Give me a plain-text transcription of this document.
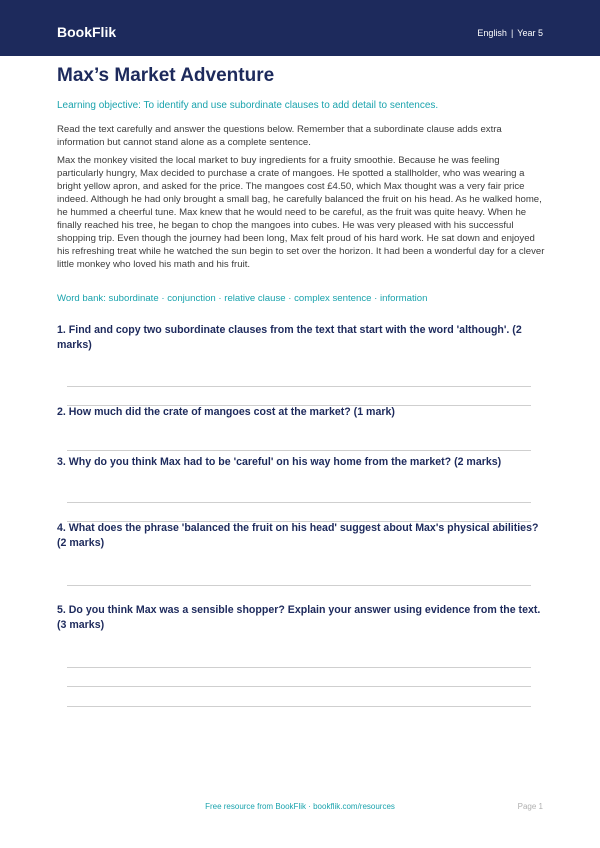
BookFlik	English | Year 5
Max’s Market Adventure
Learning objective: To identify and use subordinate clauses to add detail to sentences.

Read the text carefully and answer the questions below. Remember that a subordinate clause adds extra information but cannot stand alone as a complete sentence.

Max the monkey visited the local market to buy ingredients for a fruity smoothie. Because he was feeling particularly hungry, Max decided to purchase a crate of mangoes. He spotted a stallholder, who was wearing a bright yellow apron, and asked for the price. The mangoes cost £4.50, which Max thought was a very fair price indeed. Although he had only brought a small bag, he carefully balanced the fruit on his head. As he walked home, he hummed a cheerful tune. Max knew that he would need to be careful, as the fruit was quite heavy. When he finally reached his tree, he began to chop the mangoes into cubes. He was very pleased with his successful shopping trip. Even though the journey had been long, Max felt proud of his hard work. He sat down and enjoyed his refreshing treat while he watched the sun begin to set over the horizon. It had been a wonderful day for a clever little monkey who loved his math and his fruit.

Word bank: subordinate · conjunction · relative clause · complex sentence · information

1. Find and copy two subordinate clauses from the text that start with the word 'although'. (2 marks)

2. How much did the crate of mangoes cost at the market? (1 mark)

3. Why do you think Max had to be 'careful' on his way home from the market? (2 marks)

4. What does the phrase 'balanced the fruit on his head' suggest about Max's physical abilities? (2 marks)

5. Do you think Max was a sensible shopper? Explain your answer using evidence from the text. (3 marks)

Free resource from BookFlik · bookflik.com/resources	Page 1
